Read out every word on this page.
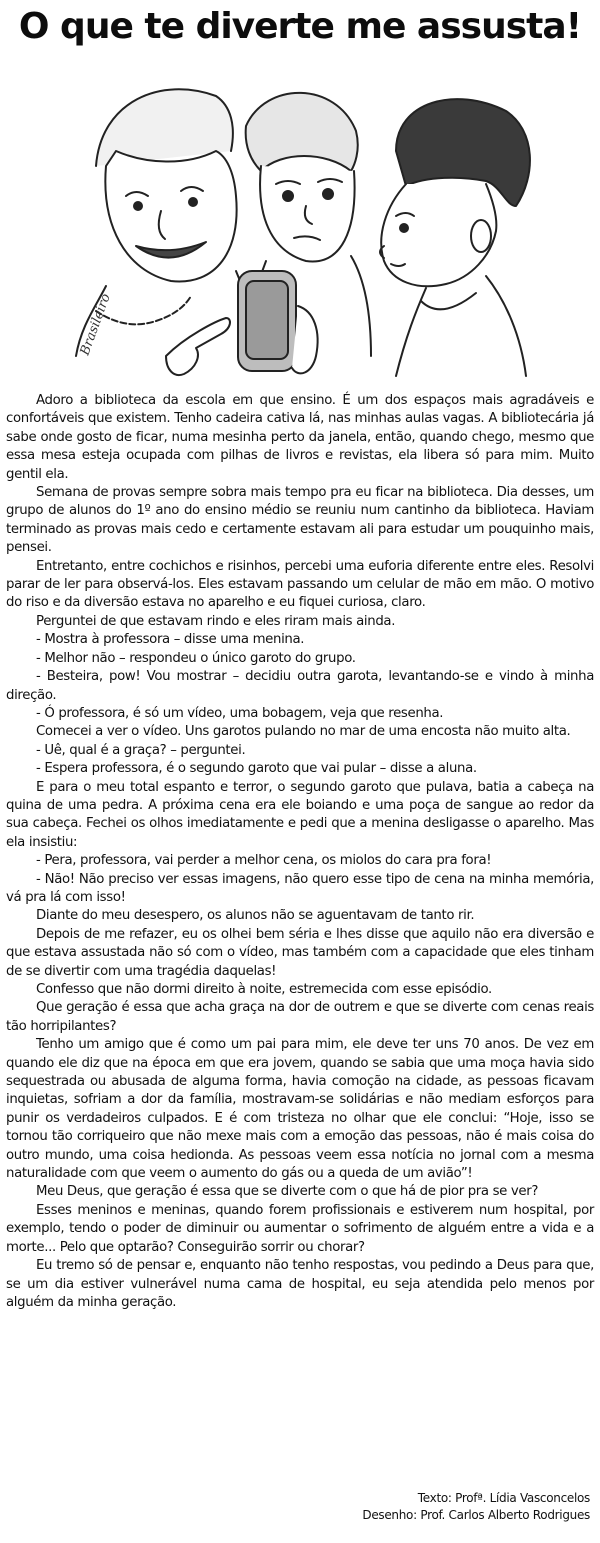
O que te diverte me assusta!
Brasileiro

Adoro a biblioteca da escola em que ensino. É um dos espaços mais agradáveis e confortáveis que existem. Tenho cadeira cativa lá, nas minhas aulas vagas. A bibliotecária já sabe onde gosto de ficar, numa mesinha perto da janela, então, quando chego, mesmo que essa mesa esteja ocupada com pilhas de livros e revistas, ela libera só para mim. Muito gentil ela.

Semana de provas sempre sobra mais tempo pra eu ficar na biblioteca. Dia desses, um grupo de alunos do 1º ano do ensino médio se reuniu num cantinho da biblioteca. Haviam terminado as provas mais cedo e certamente estavam ali para estudar um pouquinho mais, pensei.

Entretanto, entre cochichos e risinhos, percebi uma euforia diferente entre eles. Resolvi parar de ler para observá-los. Eles estavam passando um celular de mão em mão. O motivo do riso e da diversão estava no aparelho e eu fiquei curiosa, claro.

Perguntei de que estavam rindo e eles riram mais ainda.

- Mostra à professora – disse uma menina.

- Melhor não – respondeu o único garoto do grupo.

- Besteira, pow! Vou mostrar – decidiu outra garota, levantando-se e vindo à minha direção.

- Ó professora, é só um vídeo, uma bobagem, veja que resenha.

Comecei a ver o vídeo. Uns garotos pulando no mar de uma encosta não muito alta.

- Uê, qual é a graça? – perguntei.

- Espera professora, é o segundo garoto que vai pular – disse a aluna.

E para o meu total espanto e terror, o segundo garoto que pulava, batia a cabeça na quina de uma pedra. A próxima cena era ele boiando e uma poça de sangue ao redor da sua cabeça. Fechei os olhos imediatamente e pedi que a menina desligasse o aparelho. Mas ela insistiu:

- Pera, professora, vai perder a melhor cena, os miolos do cara pra fora!

- Não! Não preciso ver essas imagens, não quero esse tipo de cena na minha memória, vá pra lá com isso!

Diante do meu desespero, os alunos não se aguentavam de tanto rir.

Depois de me refazer, eu os olhei bem séria e lhes disse que aquilo não era diversão e que estava assustada não só com o vídeo, mas também com a capacidade que eles tinham de se divertir com uma tragédia daquelas!

Confesso que não dormi direito à noite, estremecida com esse episódio.

Que geração é essa que acha graça na dor de outrem e que se diverte com cenas reais tão horripilantes?

Tenho um amigo que é como um pai para mim, ele deve ter uns 70 anos. De vez em quando ele diz que na época em que era jovem, quando se sabia que uma moça havia sido sequestrada ou abusada de alguma forma, havia comoção na cidade, as pessoas ficavam inquietas, sofriam a dor da família, mostravam-se solidárias e não mediam esforços para punir os verdadeiros culpados. E é com tristeza no olhar que ele conclui: “Hoje, isso se tornou tão corriqueiro que não mexe mais com a emoção das pessoas, não é mais coisa do outro mundo, uma coisa hedionda. As pessoas veem essa notícia no jornal com a mesma naturalidade com que veem o aumento do gás ou a queda de um avião”!

Meu Deus, que geração é essa que se diverte com o que há de pior pra se ver?

Esses meninos e meninas, quando forem profissionais e estiverem num hospital, por exemplo, tendo o poder de diminuir ou aumentar o sofrimento de alguém entre a vida e a morte... Pelo que optarão? Conseguirão sorrir ou chorar?

Eu tremo só de pensar e, enquanto não tenho respostas, vou pedindo a Deus para que, se um dia estiver vulnerável numa cama de hospital, eu seja atendida pelo menos por alguém da minha geração.

Texto: Profª. Lídia Vasconcelos
Desenho: Prof. Carlos Alberto Rodrigues
